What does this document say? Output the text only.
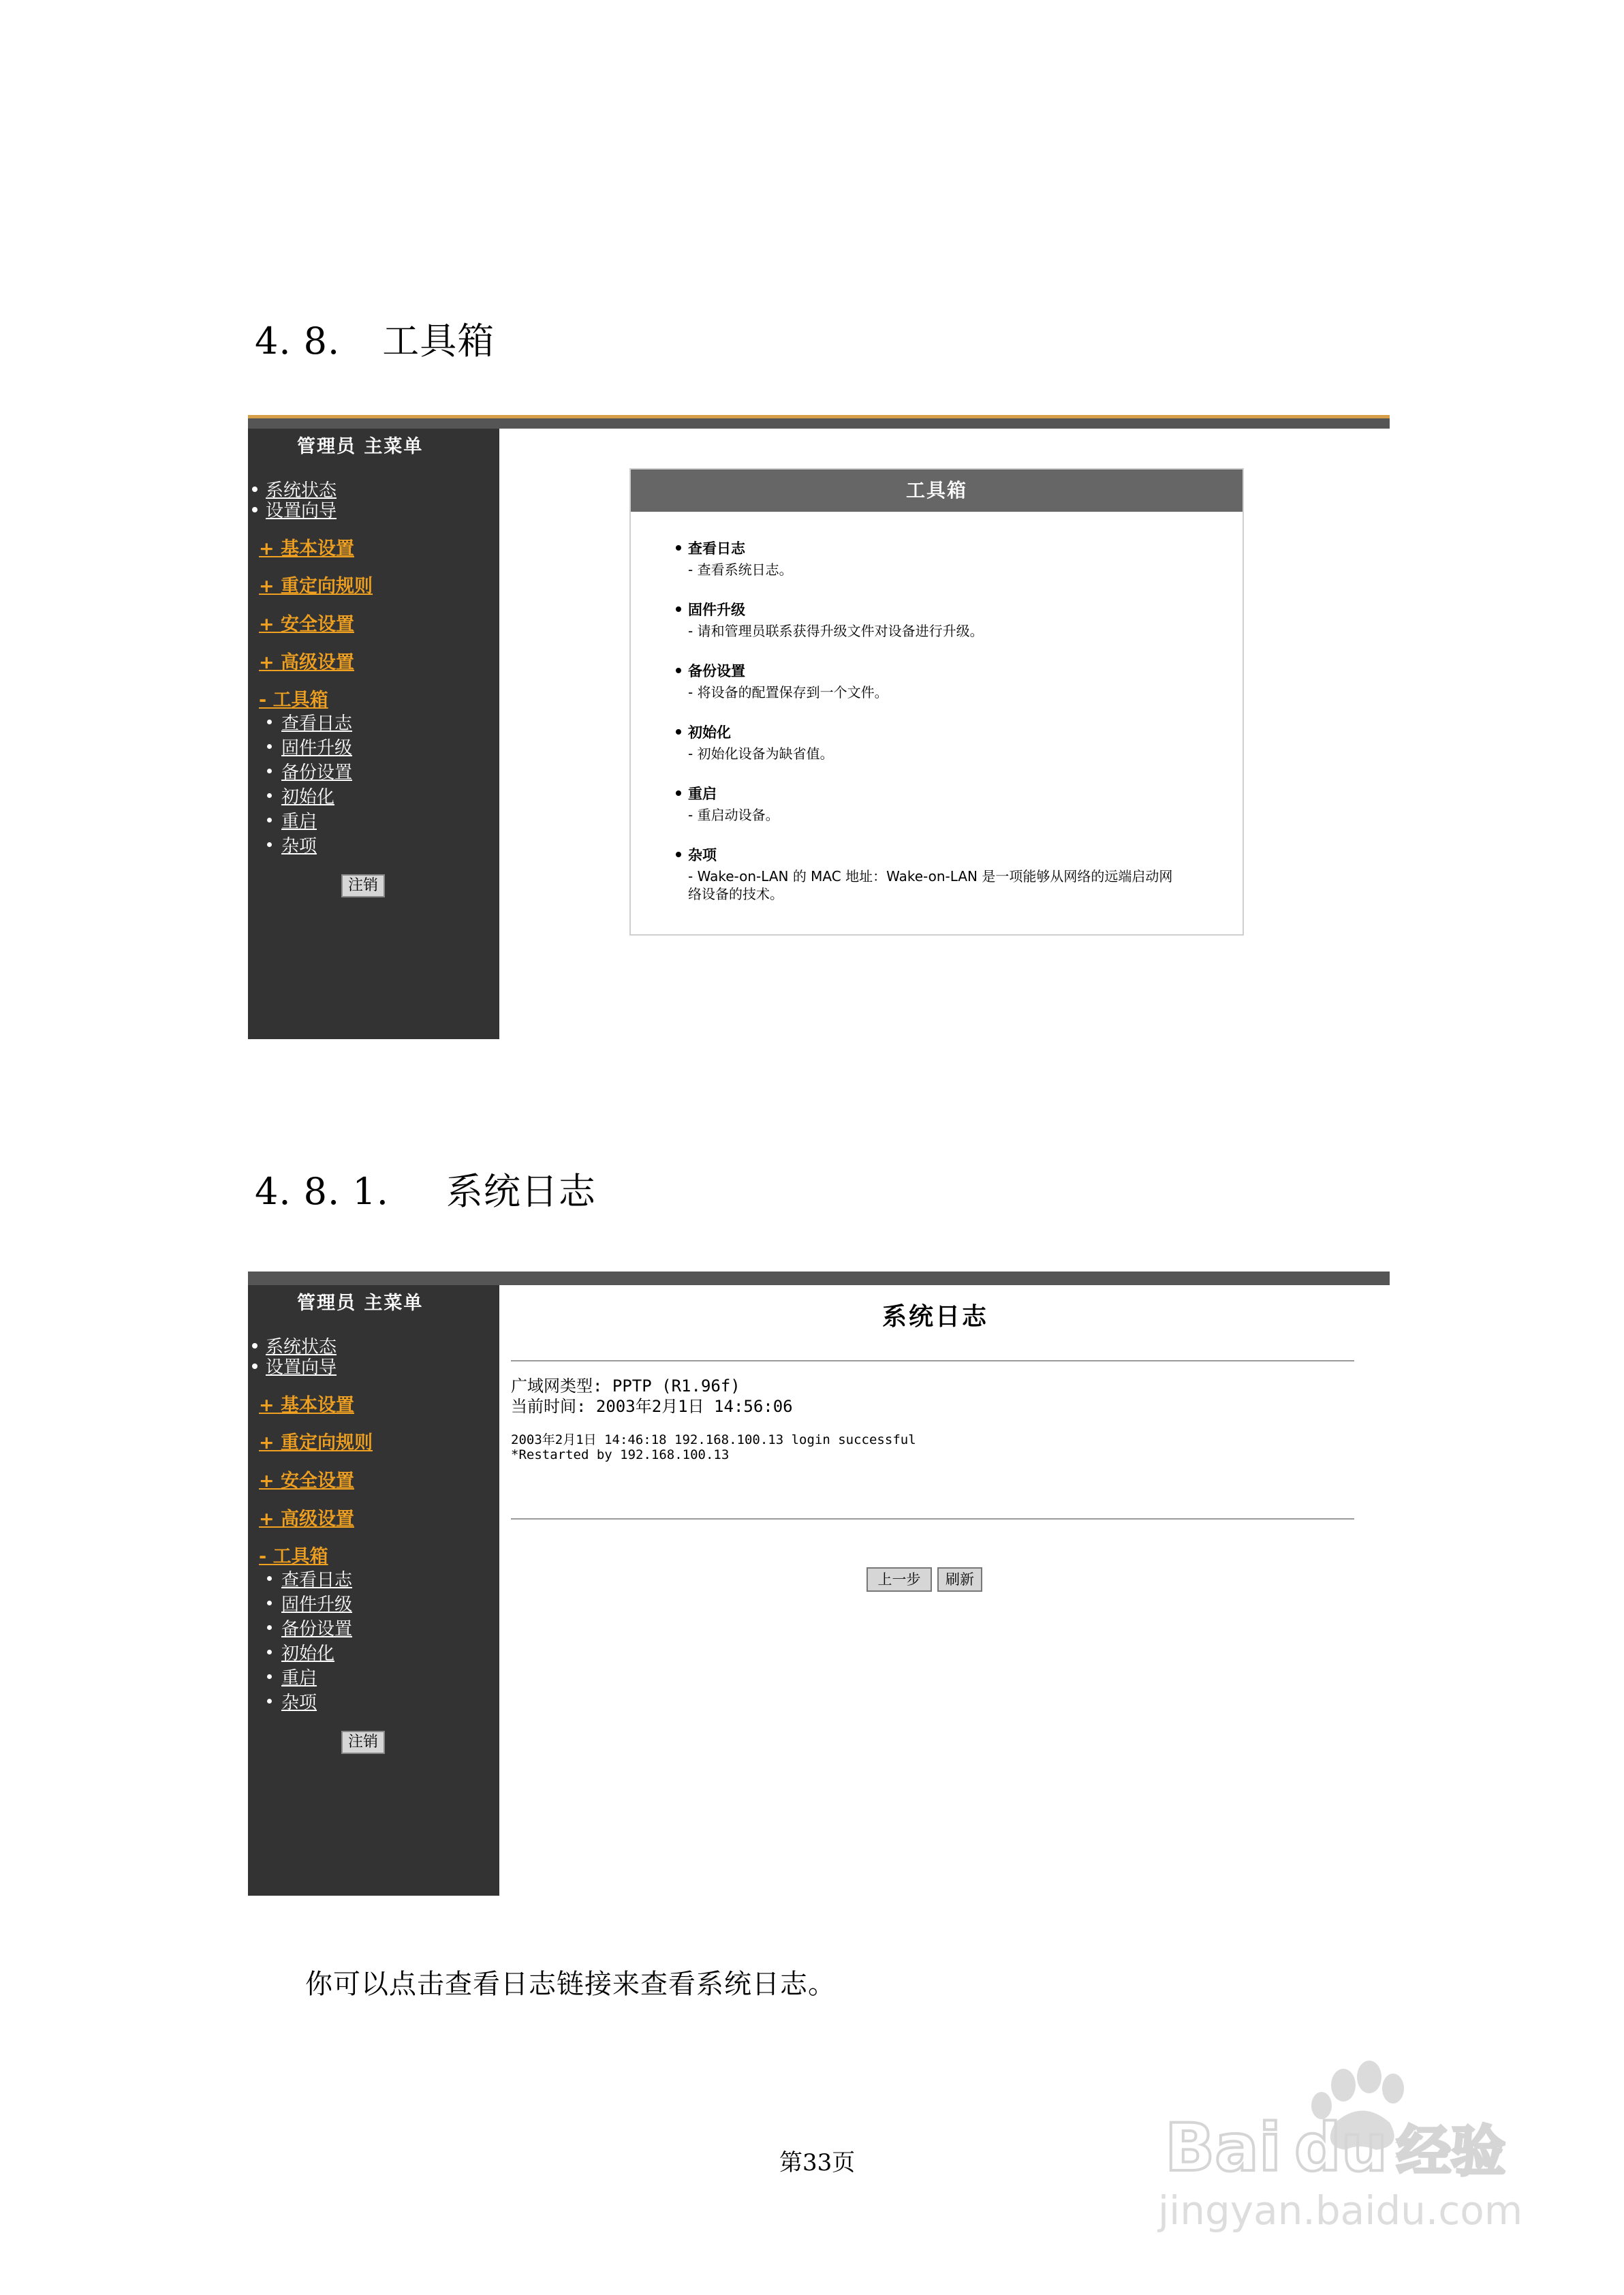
4. 8. 工具箱
管理员 主菜单
系统状态
设置向导
+ 基本设置
+ 重定向规则
+ 安全设置
+ 高级设置
- 工具箱
查看日志
固件升级
备份设置
初始化
重启
杂项
注销
工具箱
查看日志
- 查看系统日志。
固件升级
- 请和管理员联系获得升级文件对设备进行升级。
备份设置
- 将设备的配置保存到一个文件。
初始化
- 初始化设备为缺省值。
重启
- 重启动设备。
杂项
- Wake-on-LAN 的 MAC 地址：Wake-on-LAN 是一项能够从网络的远端启动网络设备的技术。
4. 8. 1. 系统日志
管理员 主菜单
系统状态
设置向导
+ 基本设置
+ 重定向规则
+ 安全设置
+ 高级设置
- 工具箱
查看日志
固件升级
备份设置
初始化
重启
杂项
注销
系统日志
广域网类型: PPTP (R1.96f)
当前时间: 2003年2月1日 14:56:06
2003年2月1日 14:46:18 192.168.100.13 login successful
*Restarted by 192.168.100.13
上一步	刷新
你可以点击查看日志链接来查看系统日志。
第33页	Bai du 经验
jingyan.baidu.com
